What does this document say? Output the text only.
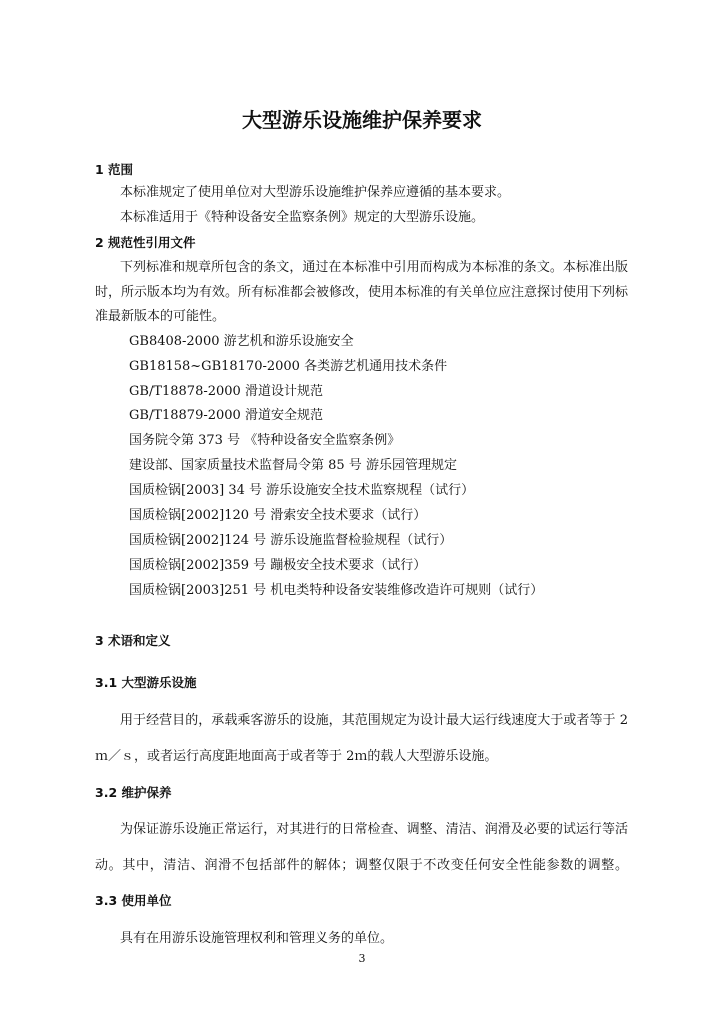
大型游乐设施维护保养要求
1 范围
本标准规定了使用单位对大型游乐设施维护保养应遵循的基本要求。
本标准适用于《特种设备安全监察条例》规定的大型游乐设施。
2 规范性引用文件
下列标准和规章所包含的条文，通过在本标准中引用而构成为本标准的条文。本标准出版
时，所示版本均为有效。所有标准都会被修改，使用本标准的有关单位应注意探讨使用下列标
准最新版本的可能性。
GB8408-2000 游艺机和游乐设施安全
GB18158~GB18170-2000 各类游艺机通用技术条件
GB/T18878-2000 滑道设计规范
GB/T18879-2000 滑道安全规范
国务院令第 373 号 《特种设备安全监察条例》
建设部、国家质量技术监督局令第 85 号 游乐园管理规定
国质检锅[2003] 34 号 游乐设施安全技术监察规程（试行）
国质检锅[2002]120 号 滑索安全技术要求（试行）
国质检锅[2002]124 号 游乐设施监督检验规程（试行）
国质检锅[2002]359 号 蹦极安全技术要求（试行）
国质检锅[2003]251 号 机电类特种设备安装维修改造许可规则（试行）
3 术语和定义
3.1 大型游乐设施
用于经营目的，承载乘客游乐的设施，其范围规定为设计最大运行线速度大于或者等于 2
ｍ／ｓ，或者运行高度距地面高于或者等于 2ｍ的载人大型游乐设施。
3.2 维护保养
为保证游乐设施正常运行，对其进行的日常检查、调整、清洁、润滑及必要的试运行等活
动。其中，清洁、润滑不包括部件的解体；调整仅限于不改变任何安全性能参数的调整。
3.3 使用单位
具有在用游乐设施管理权利和管理义务的单位。
3
